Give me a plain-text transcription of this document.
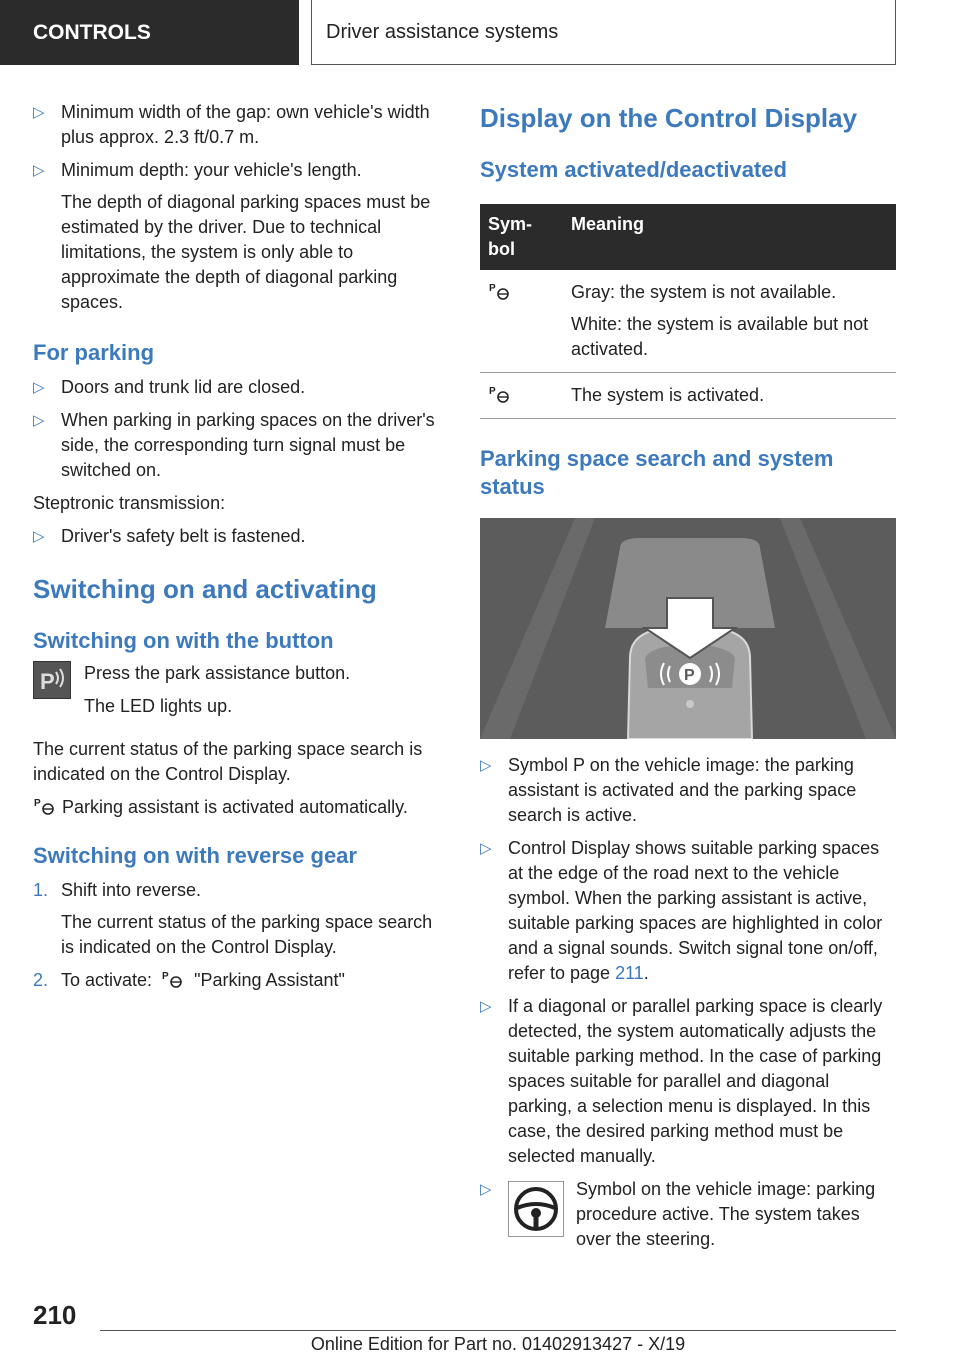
CONTROLS	Driver assistance systems
▷ Minimum width of the gap: own vehicle's width plus approx. 2.3 ft/0.7 m.
▷ Minimum depth: your vehicle's length.

The depth of diagonal parking spaces must be estimated by the driver. Due to technical limitations, the system is only able to approximate the depth of diagonal parking spaces.

For parking
▷ Doors and trunk lid are closed.
▷ When parking in parking spaces on the driver's side, the corresponding turn signal must be switched on.

Steptronic transmission:

▷ Driver's safety belt is fastened.
Switching on and activating
Switching on with the button
P Press the park assistance button.

The LED lights up.

The current status of the parking space search is indicated on the Control Display.

P Parking assistant is activated automatically.

Switching on with reverse gear
1. Shift into reverse.

The current status of the parking space search is indicated on the Control Display.

2. To activate: P "Parking Assistant"
Display on the Control Display
System activated/deactivated
Sym-
bol	Meaning

P	Gray: the system is not available.

White: the system is available but not activated.

P	The system is activated.
Parking space search and system status
P
▷ Symbol P on the vehicle image: the parking assistant is activated and the parking space search is active.
▷ Control Display shows suitable parking spaces at the edge of the road next to the vehicle symbol. When the parking assistant is active, suitable parking spaces are highlighted in color and a signal sounds. Switch signal tone on/off, refer to page 211.
▷ If a diagonal or parallel parking space is clearly detected, the system automatically adjusts the suitable parking method. In the case of parking spaces suitable for parallel and diagonal parking, a selection menu is displayed. In this case, the desired parking method must be selected manually.
▷	Symbol on the vehicle image: parking procedure active. The system takes over the steering.
210
Online Edition for Part no. 01402913427 - X/19
